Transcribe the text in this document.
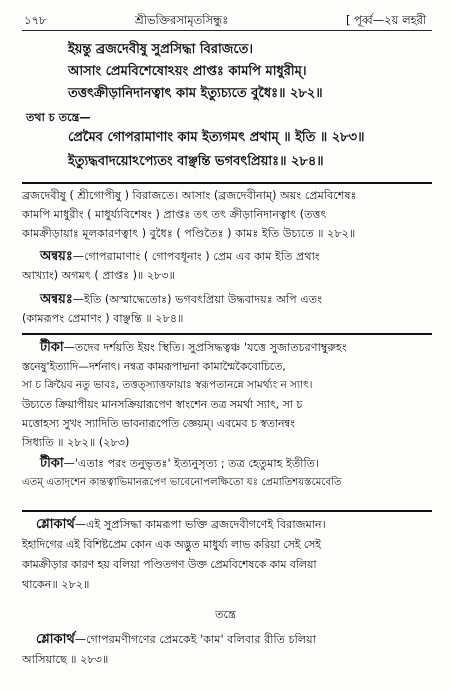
১৭৮	শ্রীভক্তিরসামৃতসিন্ধুঃ	[ পূর্ব্ব—২য় লহরী
ইয়ন্তু ব্রজদেবীষু সুপ্রসিদ্ধা বিরাজতে।
আসাং প্রেমবিশেষোঽয়ং প্রাপ্তঃ কামপি মাধুরীম্।
তত্তৎক্রীড়ানিদানত্বাৎ কাম ইত্যুচ্যতে বুধৈঃ॥ ২৮২॥
তথা চ তন্ত্রে—
প্রেমৈব গোপরামাণাং কাম ইত্যগমৎ প্রথাম্ ॥ ইতি ॥ ২৮৩॥
ইত্যুদ্ধবাদয়োঽপ্যেতং বাঞ্ছন্তি ভগবৎপ্রিয়াঃ॥ ২৮৪॥
ব্রজদেবীষু ( শ্রীগোপীষু ) বিরাজতে। আসাং (ব্রজদেবীনাম্) অয়ং প্রেমবিশেষঃ
কামপি মাধুরীং ( মাধুর্য্যবিশেষং ) প্রাপ্তঃ তৎ তৎ ক্রীড়ানিদানত্বাৎ (তত্তৎ
কামক্রীড়ায়াঃ মূলকারণত্বাৎ ) বুধৈঃ ( পণ্ডিতৈঃ ) কামঃ ইতি উচ্যতে ॥ ২৮২॥
অন্বয়ঃ—গোপরামাণাং ( গোপবধূনাং ) প্রেম এব কাম ইতি প্রথাং
আখ্যাং) অগমৎ ( প্রাপ্তঃ )॥ ২৮৩॥
অন্বয়ঃ—ইতি (অস্মাদ্ধেতোঃ) ভগবৎপ্রিয়া উদ্ধবাদয়ঃ অপি এতং
(কামরূপং প্রেমাণং ) বাঞ্ছন্তি ॥ ২৮৪॥
টীকা—তদেব দর্শয়তি ইয়ং স্থিতি। সুপ্রসিদ্ধত্বঞ্চ 'যত্তে সুজাতচরণাম্বুরুহং
স্তনেষু'ইত্যাদি—দর্শনাৎ। নন্বত্র কামরূপাদ্মনা কামান্মৈকৈবোচিতে,
সা চ ক্রিয়ৈব নতু ভাবঃ, তত্তত্স্যাত্তফায়াঃ স্বরূপতানন্নে সামর্থ্যং ন স্যাৎ।
উচ্যতে ক্রিয়াপীয়ং মানসক্রিয়ারূপেণ স্বাংশেন তত্র সমর্থা স্যাৎ, সা চ
মত্তোহস্য সুখং স্যাদিতি ভাবনারূপেতি জ্ঞেয়ম্। এবমেব চ স্বতানন্বং
সিধ্যতি ॥ ২৮২॥ (২৮৩)
টীকা—'এতাঃ পরং তনুভৃতঃ' ইত্যনুসৃত্য ; তত্র হেতুমাহ ইতীতি।
এতম্ এতাদৃশেন কান্তত্বাভিমানরূপেণ ভাবেনোপলক্ষিতো যঃ প্রেমাতিশয়স্তমেবেতি
শ্লোকার্থ—এই সুপ্রসিদ্ধা কামরূপা ভক্তি ব্রজদেবীগণেই বিরাজমান।
ইহাদিগের এই বিশিষ্টপ্রেম কোন এক অদ্ভুত মাধুর্য্য লাভ করিয়া সেই সেই
কামক্রীড়ার কারণ হয় বলিয়া পণ্ডিতগণ উক্ত প্রেমবিশেষকে কাম বলিয়া
থাকেন॥ ২৮২॥
তন্ত্রে
শ্লোকার্থ—গোপরমণীগণের প্রেমকেই 'কাম' বলিবার রীতি চলিয়া
আসিয়াছে ॥ ২৮৩॥
